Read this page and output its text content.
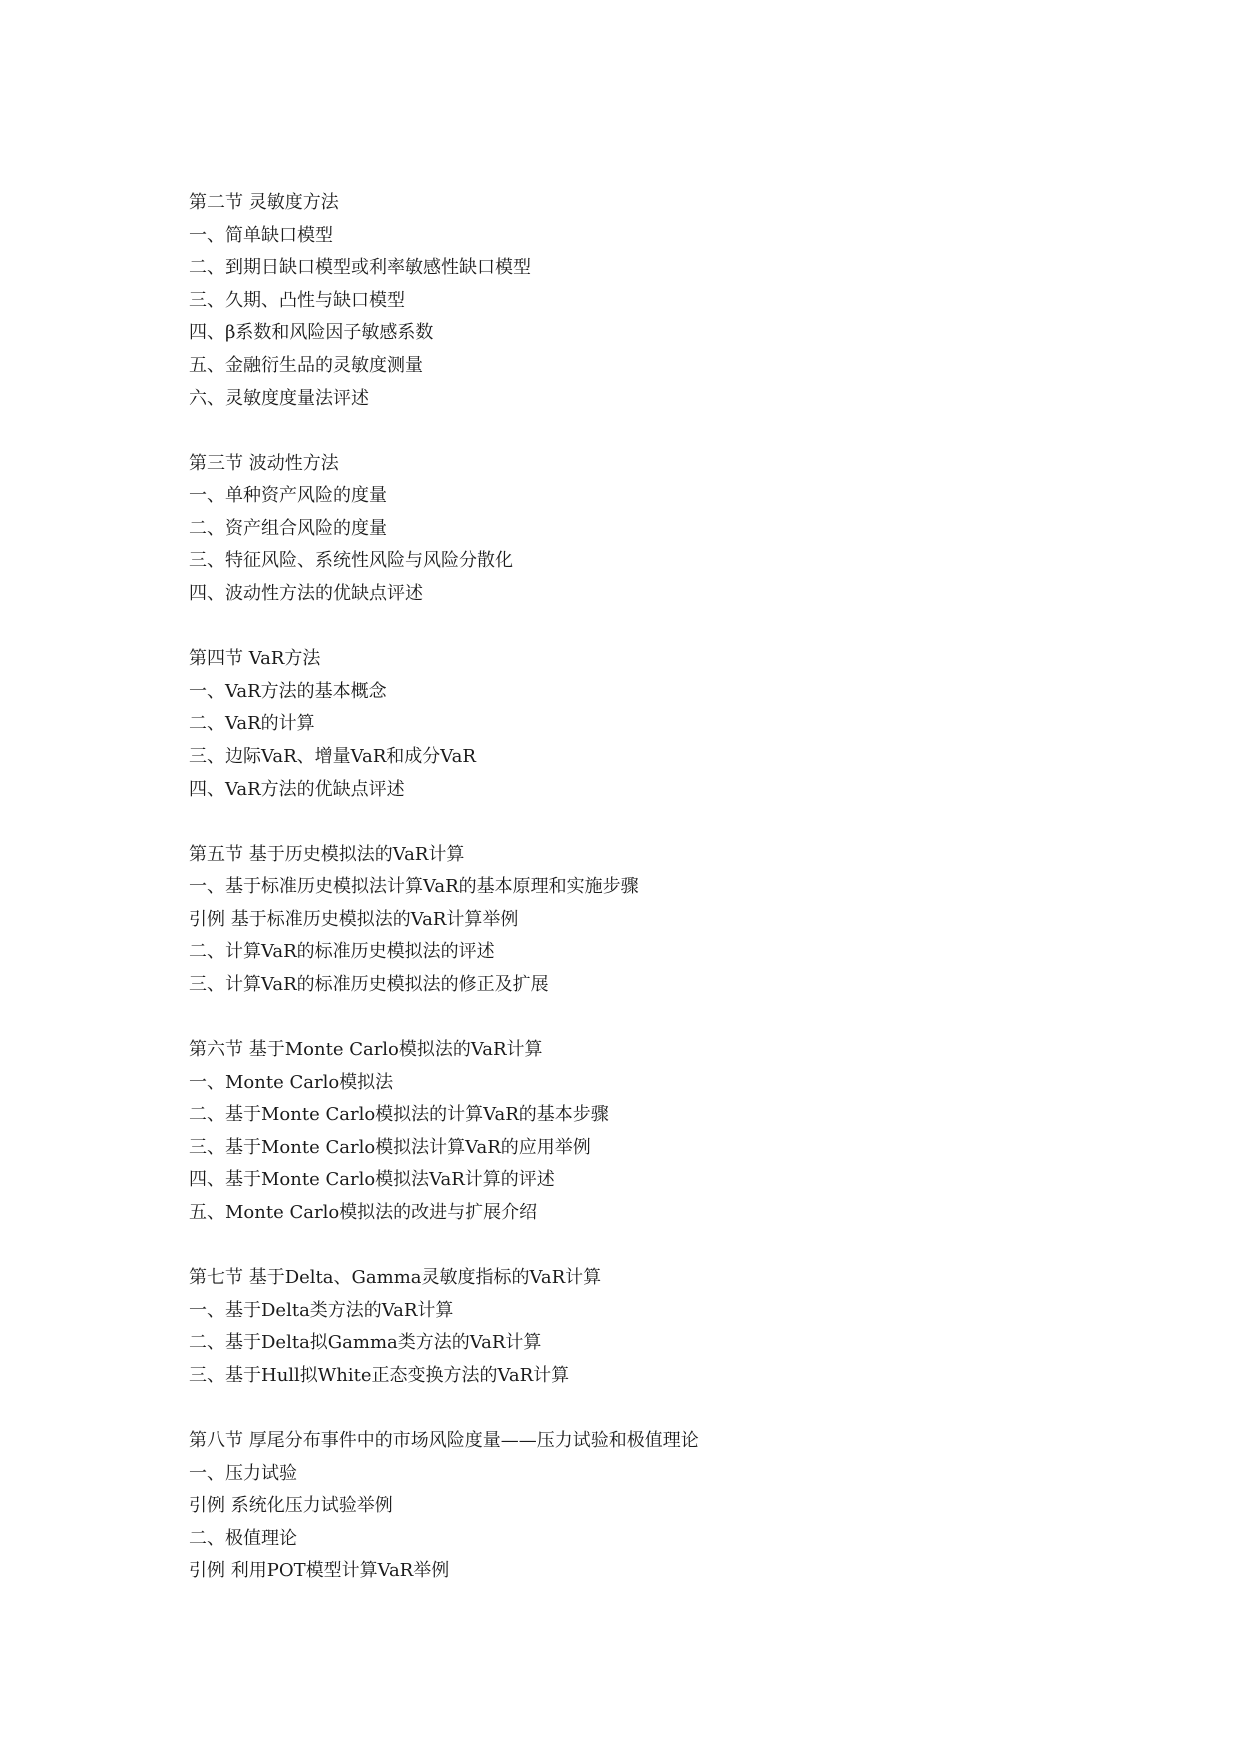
第二节 灵敏度方法
一、简单缺口模型
二、到期日缺口模型或利率敏感性缺口模型
三、久期、凸性与缺口模型
四、β系数和风险因子敏感系数
五、金融衍生品的灵敏度测量
六、灵敏度度量法评述
第三节 波动性方法
一、单种资产风险的度量
二、资产组合风险的度量
三、特征风险、系统性风险与风险分散化
四、波动性方法的优缺点评述
第四节 VaR方法
一、VaR方法的基本概念
二、VaR的计算
三、边际VaR、增量VaR和成分VaR
四、VaR方法的优缺点评述
第五节 基于历史模拟法的VaR计算
一、基于标准历史模拟法计算VaR的基本原理和实施步骤
引例 基于标准历史模拟法的VaR计算举例
二、计算VaR的标准历史模拟法的评述
三、计算VaR的标准历史模拟法的修正及扩展
第六节 基于Monte Carlo模拟法的VaR计算
一、Monte Carlo模拟法
二、基于Monte Carlo模拟法的计算VaR的基本步骤
三、基于Monte Carlo模拟法计算VaR的应用举例
四、基于Monte Carlo模拟法VaR计算的评述
五、Monte Carlo模拟法的改进与扩展介绍
第七节 基于Delta、Gamma灵敏度指标的VaR计算
一、基于Delta类方法的VaR计算
二、基于Delta拟Gamma类方法的VaR计算
三、基于Hull拟White正态变换方法的VaR计算
第八节 厚尾分布事件中的市场风险度量——压力试验和极值理论
一、压力试验
引例 系统化压力试验举例
二、极值理论
引例 利用POT模型计算VaR举例
